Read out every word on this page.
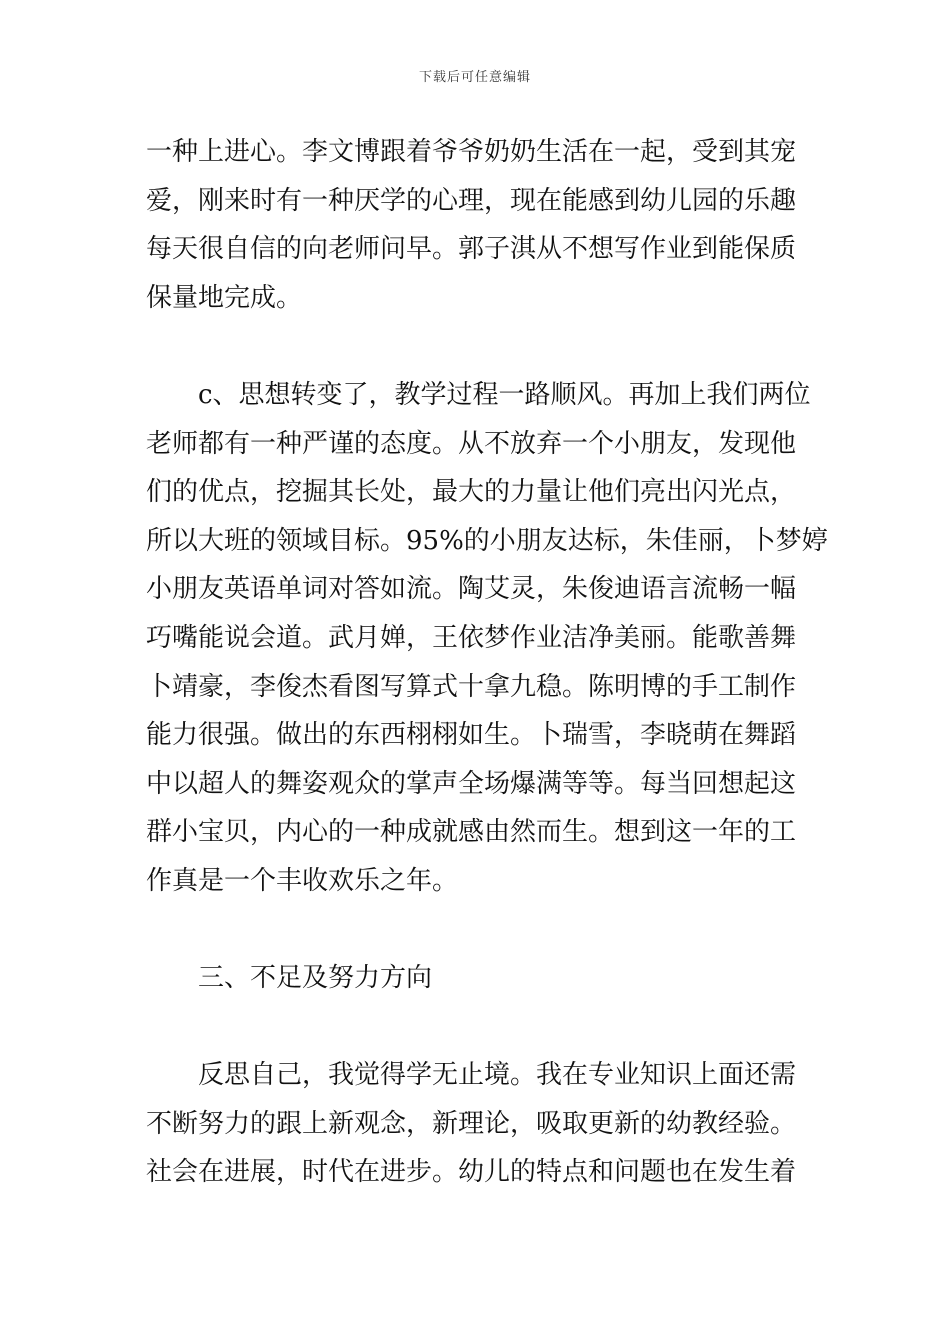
下载后可任意编辑
一种上进心。李文博跟着爷爷奶奶生活在一起，受到其宠
爱，刚来时有一种厌学的心理，现在能感到幼儿园的乐趣
每天很自信的向老师问早。郭子淇从不想写作业到能保质
保量地完成。
c、思想转变了，教学过程一路顺风。再加上我们两位
老师都有一种严谨的态度。从不放弃一个小朋友，发现他
们的优点，挖掘其长处，最大的力量让他们亮出闪光点，
所以大班的领域目标。95%的小朋友达标，朱佳丽，卜梦婷
小朋友英语单词对答如流。陶艾灵，朱俊迪语言流畅一幅
巧嘴能说会道。武月婵，王依梦作业洁净美丽。能歌善舞
卜靖豪，李俊杰看图写算式十拿九稳。陈明博的手工制作
能力很强。做出的东西栩栩如生。卜瑞雪，李晓萌在舞蹈
中以超人的舞姿观众的掌声全场爆满等等。每当回想起这
群小宝贝，内心的一种成就感由然而生。想到这一年的工
作真是一个丰收欢乐之年。
三、不足及努力方向
反思自己，我觉得学无止境。我在专业知识上面还需
不断努力的跟上新观念，新理论，吸取更新的幼教经验。
社会在进展，时代在进步。幼儿的特点和问题也在发生着
